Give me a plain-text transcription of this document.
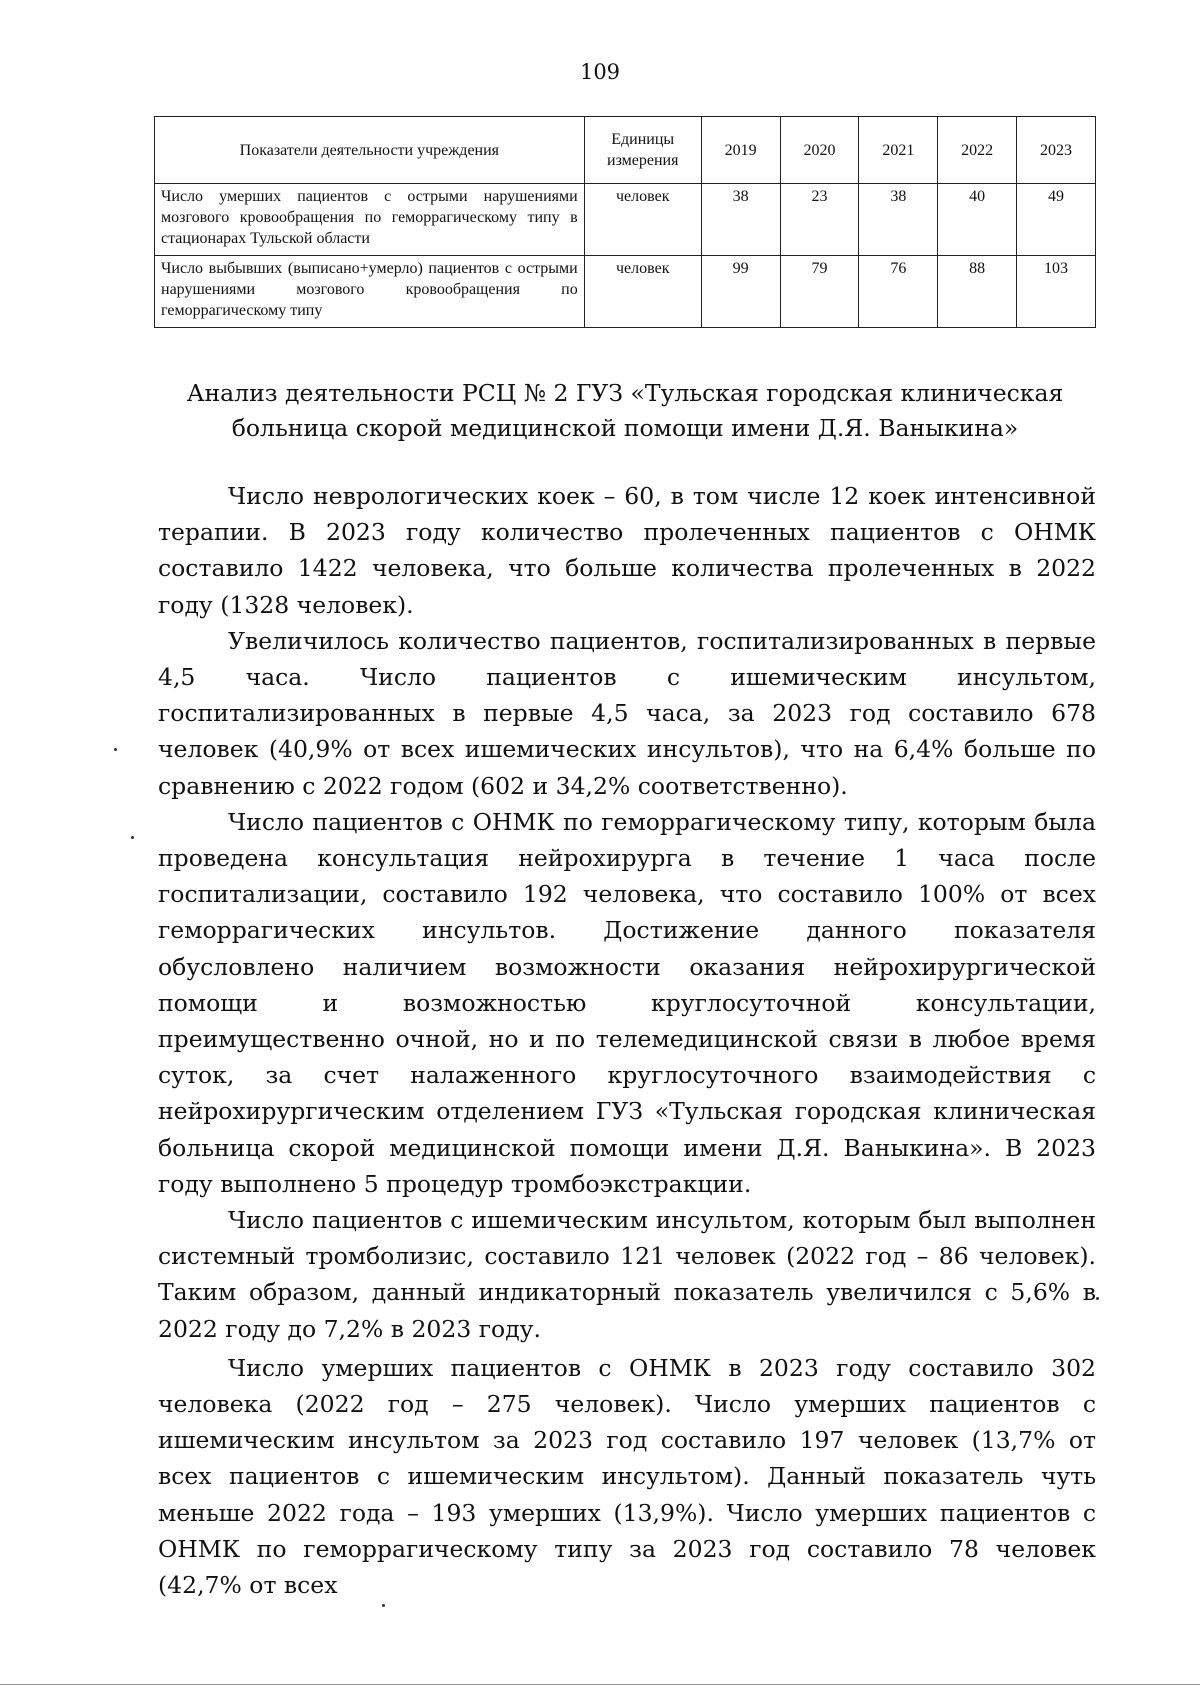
109
Показатели деятельности учреждения	Единицы измерения	2019	2020	2021	2022	2023
Число умерших пациентов с острыми нарушениями мозгового кровообращения по геморрагическому типу в стационарах Тульской области	человек	38	23	38	40	49
Число выбывших (выписано+умерло) пациентов с острыми нарушениями мозгового кровообращения по геморрагическому типу	человек	99	79	76	88	103
Анализ деятельности РСЦ № 2 ГУЗ «Тульская городская клиническая
больница скорой медицинской помощи имени Д.Я. Ваныкина»

Число неврологических коек – 60, в том числе 12 коек интенсивной терапии. В 2023 году количество пролеченных пациентов с ОНМК составило 1422 человека, что больше количества пролеченных в 2022 году (1328 человек).

Увеличилось количество пациентов, госпитализированных в первые 4,5 часа. Число пациентов с ишемическим инсультом, госпитализированных в первые 4,5 часа, за 2023 год составило 678 человек (40,9% от всех ишемических инсультов), что на 6,4% больше по сравнению с 2022 годом (602 и 34,2% соответственно).

Число пациентов с ОНМК по геморрагическому типу, которым была проведена консультация нейрохирурга в течение 1 часа после госпитализации, составило 192 человека, что составило 100% от всех геморрагических инсультов. Достижение данного показателя обусловлено наличием возможности оказания нейрохирургической помощи и возможностью круглосуточной консультации, преимущественно очной, но и по телемедицинской связи в любое время суток, за счет налаженного круглосуточного взаимодействия с нейрохирургическим отделением ГУЗ «Тульская городская клиническая больница скорой медицинской помощи имени Д.Я. Ваныкина». В 2023 году выполнено 5 процедур тромбоэкстракции.

Число пациентов с ишемическим инсультом, которым был выполнен системный тромболизис, составило 121 человек (2022 год – 86 человек). Таким образом, данный индикаторный показатель увеличился с 5,6% в 2022 году до 7,2% в 2023 году.

Число умерших пациентов с ОНМК в 2023 году составило 302 человека (2022 год – 275 человек). Число умерших пациентов с ишемическим инсультом за 2023 год составило 197 человек (13,7% от всех пациентов с ишемическим инсультом). Данный показатель чуть меньше 2022 года – 193 умерших (13,9%). Число умерших пациентов с ОНМК по геморрагическому типу за 2023 год составило 78 человек (42,7% от всех
